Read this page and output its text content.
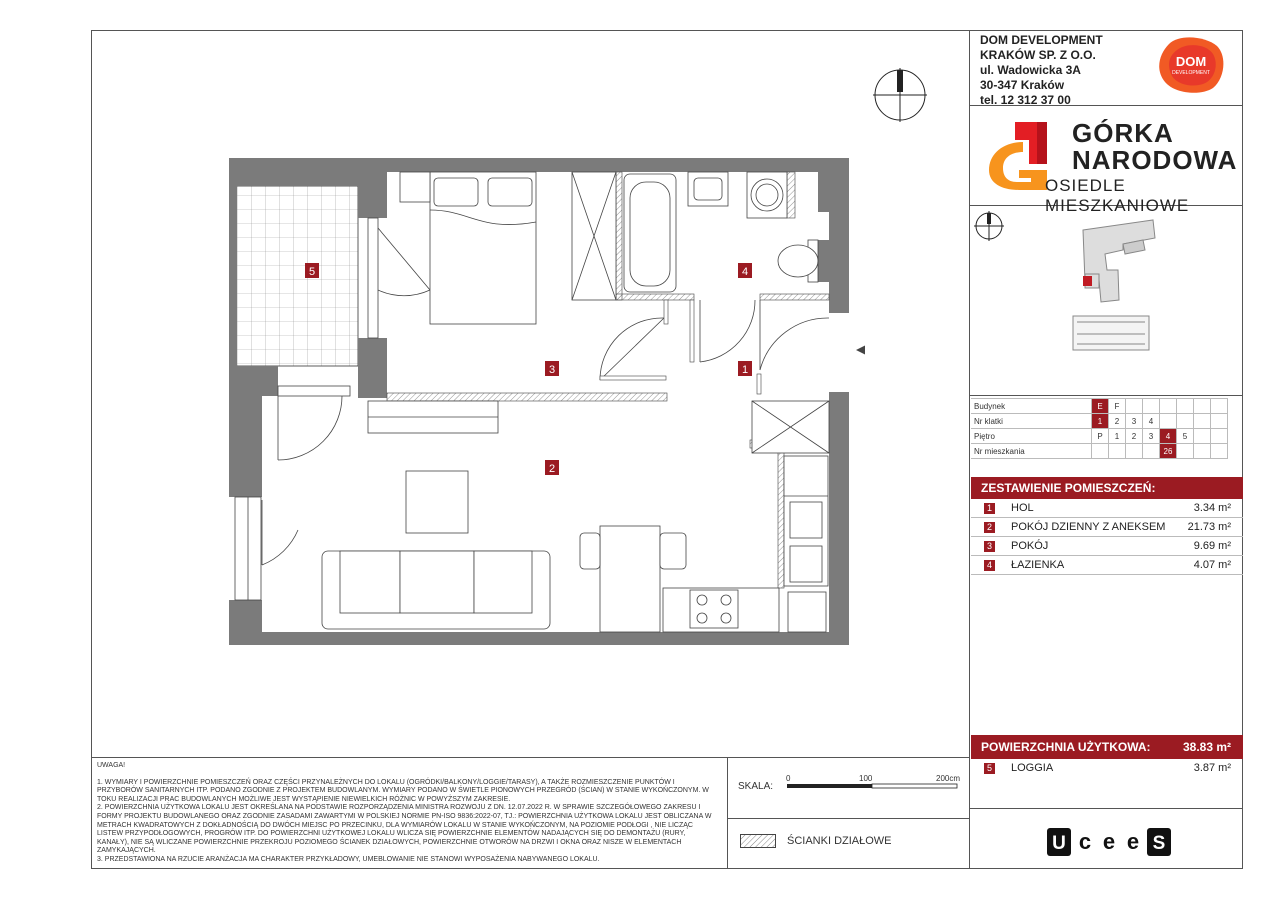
DOM DEVELOPMENT
KRAKÓW SP. Z O.O.
ul. Wadowicka 3A
30-347 Kraków
tel. 12 312 37 00
DOM
DEVELOPMENT
GÓRKA
NARODOWA
OSIEDLE MIESZKANIOWE
Budynek	E	F						
Nr klatki	1	2	3	4				
Piętro	P	1	2	3	4	5		
Nr mieszkania					26			
ZESTAWIENIE POMIESZCZEŃ:
1 HOL	3.34 m²
2 POKÓJ DZIENNY Z ANEKSEM 21.73 m²
3 POKÓJ	9.69 m²
4 ŁAZIENKA	4.07 m²
POWIERZCHNIA UŻYTKOWA:	38.83 m²
5 LOGGIA	3.87 m²

UWAGA!

1. WYMIARY I POWIERZCHNIE POMIESZCZEŃ ORAZ CZĘŚCI PRZYNALEŻNYCH DO LOKALU (OGRÓDKI/BALKONY/LOGGIE/TARASY), A TAKŻE ROZMIESZCZENIE PUNKTÓW I PRZYBORÓW SANITARNYCH ITP. PODANO ZGODNIE Z PROJEKTEM BUDOWLANYM. WYMIARY PODANO W ŚWIETLE PIONOWYCH PRZEGRÓD (ŚCIAN) W STANIE WYKOŃCZONYM. W TOKU REALIZACJI PRAC BUDOWLANYCH MOŻLIWE JEST WYSTĄPIENIE NIEWIELKICH RÓŻNIC W POWYŻSZYM ZAKRESIE.

2. POWIERZCHNIA UŻYTKOWA LOKALU JEST OKREŚLANA NA PODSTAWIE ROZPORZĄDZENIA MINISTRA ROZWOJU Z DN. 12.07.2022 R. W SPRAWIE SZCZEGÓŁOWEGO ZAKRESU I FORMY PROJEKTU BUDOWLANEGO ORAZ ZGODNIE ZASADAMI ZAWARTYMI W POLSKIEJ NORMIE PN-ISO 9836:2022-07, TJ.: POWIERZCHNIA UŻYTKOWA LOKALU JEST OBLICZANA W METRACH KWADRATOWYCH Z DOKŁADNOŚCIĄ DO DWÓCH MIEJSC PO PRZECINKU, DLA WYMIARÓW LOKALU W STANIE WYKOŃCZONYM, NA POZIOMIE PODŁOGI , NIE LICZĄC LISTEW PRZYPODŁOGOWYCH, PROGRÓW ITP. DO POWIERZCHNI UŻYTKOWEJ LOKALU WLICZA SIĘ POWIERZCHNIE ELEMENTÓW NADAJĄCYCH SIĘ DO DEMONTAŻU (RURY, KANAŁY), NIE SĄ WLICZANE POWIERZCHNIE PRZEKROJU POZIOMEGO ŚCIANEK DZIAŁOWYCH, POWIERZCHNIE OTWORÓW NA DRZWI I OKNA ORAZ NISZE W ELEMENTACH ZAMYKAJĄCYCH.

3. PRZEDSTAWIONA NA RZUCIE ARANŻACJA MA CHARAKTER PRZYKŁADOWY, UMEBLOWANIE NIE STANOWI WYPOSAŻENIA NABYWANEGO LOKALU.

SKALA:
0	100	200cm
ŚCIANKI DZIAŁOWE	U c e e S
1
2
3
4
5
